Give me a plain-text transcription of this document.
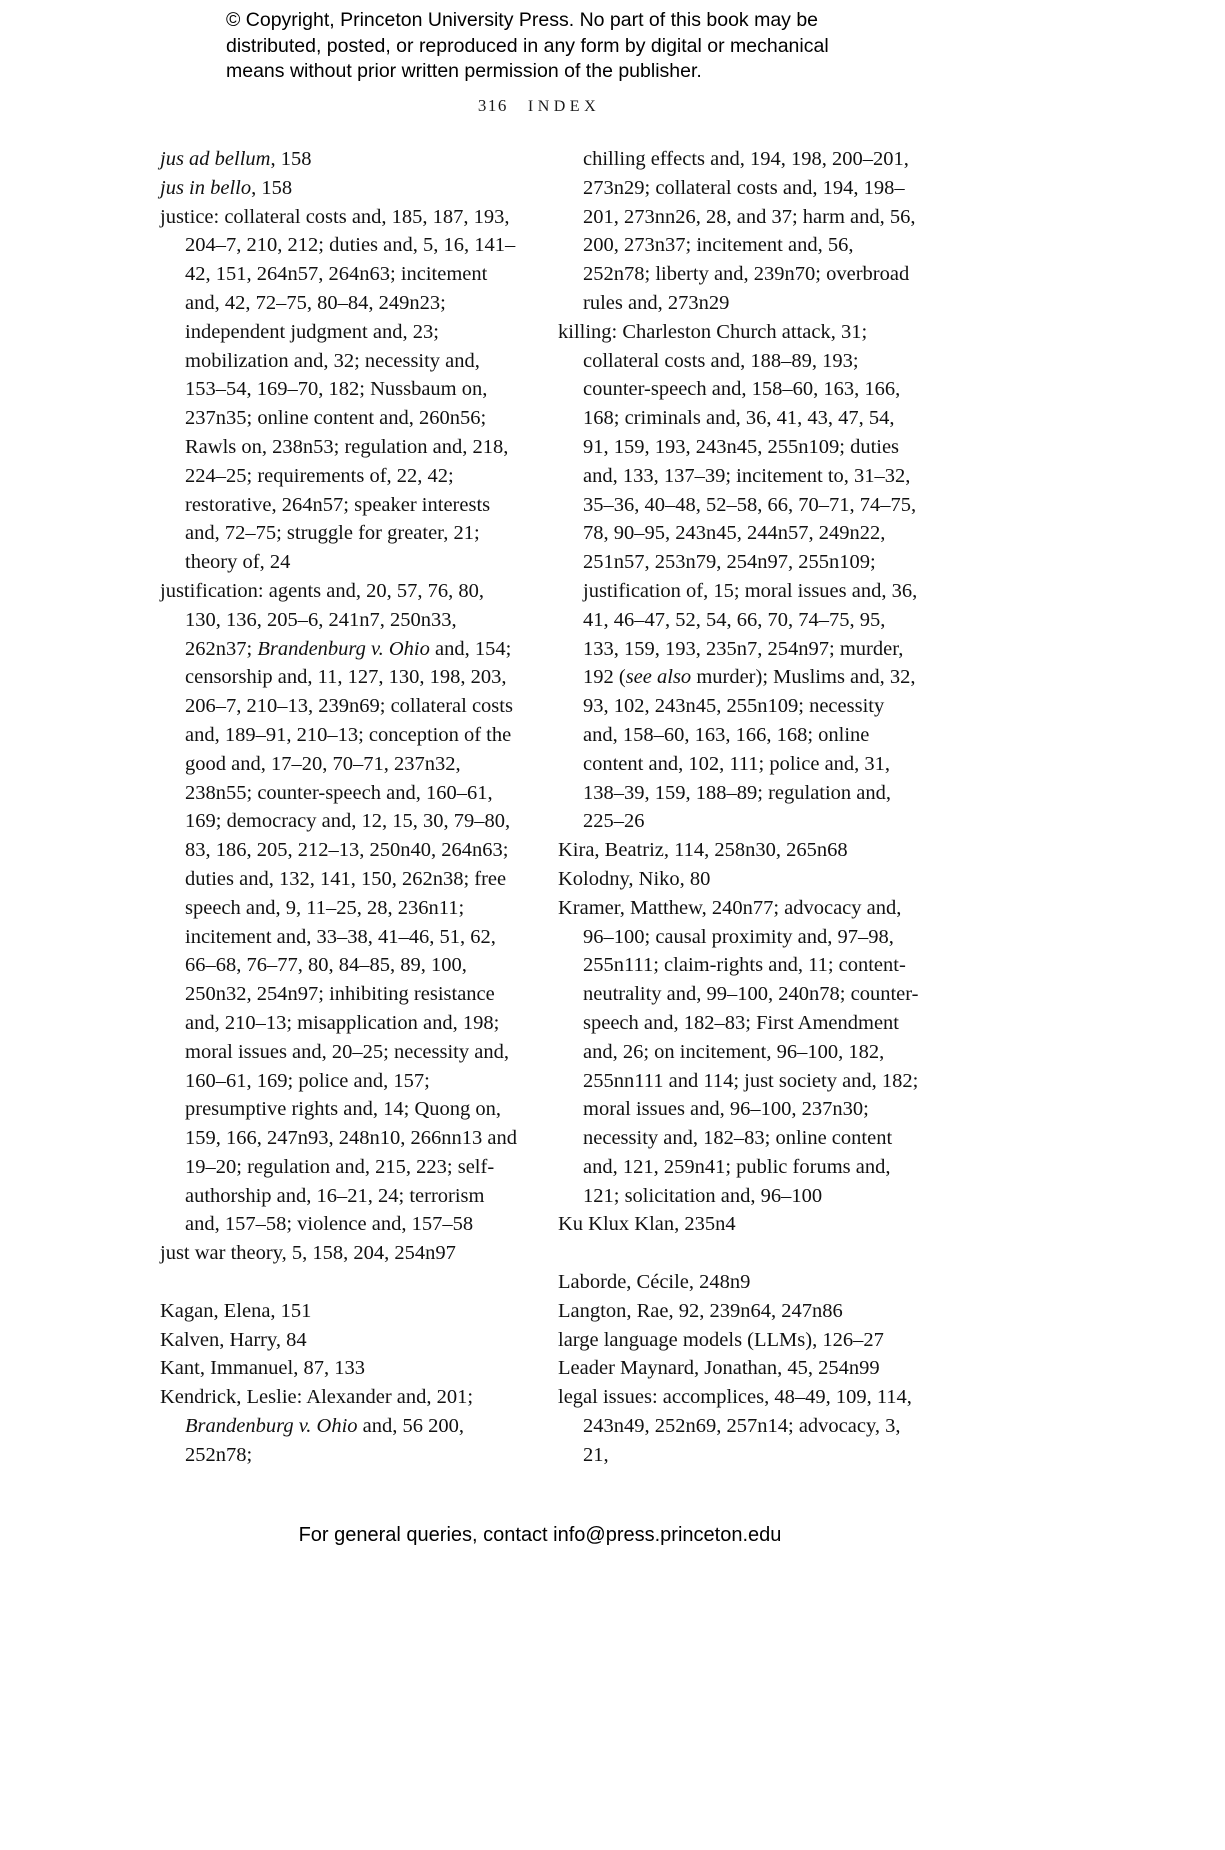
© Copyright, Princeton University Press. No part of this book may be distributed, posted, or reproduced in any form by digital or mechanical means without prior written permission of the publisher.
316 INDEX

jus ad bellum, 158

jus in bello, 158

justice: collateral costs and, 185, 187, 193, 204–7, 210, 212; duties and, 5, 16, 141–42, 151, 264n57, 264n63; incitement and, 42, 72–75, 80–84, 249n23; independent judgment and, 23; mobilization and, 32; necessity and, 153–54, 169–70, 182; Nussbaum on, 237n35; online content and, 260n56; Rawls on, 238n53; regulation and, 218, 224–25; requirements of, 22, 42; restorative, 264n57; speaker interests and, 72–75; struggle for greater, 21; theory of, 24

justification: agents and, 20, 57, 76, 80, 130, 136, 205–6, 241n7, 250n33, 262n37; Brandenburg v. Ohio and, 154; censorship and, 11, 127, 130, 198, 203, 206–7, 210–13, 239n69; collateral costs and, 189–91, 210–13; conception of the good and, 17–20, 70–71, 237n32, 238n55; counter-speech and, 160–61, 169; democracy and, 12, 15, 30, 79–80, 83, 186, 205, 212–13, 250n40, 264n63; duties and, 132, 141, 150, 262n38; free speech and, 9, 11–25, 28, 236n11; incitement and, 33–38, 41–46, 51, 62, 66–68, 76–77, 80, 84–85, 89, 100, 250n32, 254n97; inhibiting resistance and, 210–13; misapplication and, 198; moral issues and, 20–25; necessity and, 160–61, 169; police and, 157; presumptive rights and, 14; Quong on, 159, 166, 247n93, 248n10, 266nn13 and 19–20; regulation and, 215, 223; self-authorship and, 16–21, 24; terrorism and, 157–58; violence and, 157–58

just war theory, 5, 158, 204, 254n97

Kagan, Elena, 151

Kalven, Harry, 84

Kant, Immanuel, 87, 133

Kendrick, Leslie: Alexander and, 201; Brandenburg v. Ohio and, 56 200, 252n78;

chilling effects and, 194, 198, 200–201, 273n29; collateral costs and, 194, 198–201, 273nn26, 28, and 37; harm and, 56, 200, 273n37; incitement and, 56, 252n78; liberty and, 239n70; overbroad rules and, 273n29

killing: Charleston Church attack, 31; collateral costs and, 188–89, 193; counter-speech and, 158–60, 163, 166, 168; criminals and, 36, 41, 43, 47, 54, 91, 159, 193, 243n45, 255n109; duties and, 133, 137–39; incitement to, 31–32, 35–36, 40–48, 52–58, 66, 70–71, 74–75, 78, 90–95, 243n45, 244n57, 249n22, 251n57, 253n79, 254n97, 255n109; justification of, 15; moral issues and, 36, 41, 46–47, 52, 54, 66, 70, 74–75, 95, 133, 159, 193, 235n7, 254n97; murder, 192 (see also murder); Muslims and, 32, 93, 102, 243n45, 255n109; necessity and, 158–60, 163, 166, 168; online content and, 102, 111; police and, 31, 138–39, 159, 188–89; regulation and, 225–26

Kira, Beatriz, 114, 258n30, 265n68

Kolodny, Niko, 80

Kramer, Matthew, 240n77; advocacy and, 96–100; causal proximity and, 97–98, 255n111; claim-rights and, 11; content-neutrality and, 99–100, 240n78; counter-speech and, 182–83; First Amendment and, 26; on incitement, 96–100, 182, 255nn111 and 114; just society and, 182; moral issues and, 96–100, 237n30; necessity and, 182–83; online content and, 121, 259n41; public forums and, 121; solicitation and, 96–100

Ku Klux Klan, 235n4

Laborde, Cécile, 248n9

Langton, Rae, 92, 239n64, 247n86

large language models (LLMs), 126–27

Leader Maynard, Jonathan, 45, 254n99

legal issues: accomplices, 48–49, 109, 114, 243n49, 252n69, 257n14; advocacy, 3, 21,

For general queries, contact info@press.princeton.edu
